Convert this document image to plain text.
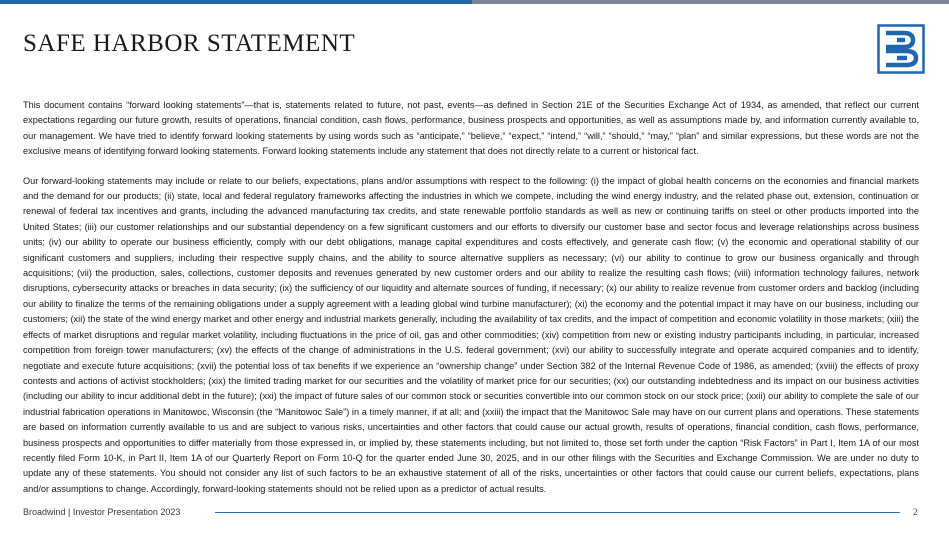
SAFE HARBOR STATEMENT

This document contains “forward looking statements”—that is, statements related to future, not past, events—as defined in Section 21E of the Securities Exchange Act of 1934, as amended, that reflect our current expectations regarding our future growth, results of operations, financial condition, cash flows, performance, business prospects and opportunities, as well as assumptions made by, and information currently available to, our management. We have tried to identify forward looking statements by using words such as “anticipate,” “believe,” “expect,” “intend,” “will,” “should,” “may,” “plan” and similar expressions, but these words are not the exclusive means of identifying forward looking statements. Forward looking statements include any statement that does not directly relate to a current or historical fact.

Our forward-looking statements may include or relate to our beliefs, expectations, plans and/or assumptions with respect to the following: (i) the impact of global health concerns on the economies and financial markets and the demand for our products; (ii) state, local and federal regulatory frameworks affecting the industries in which we compete, including the wind energy industry, and the related phase out, extension, continuation or renewal of federal tax incentives and grants, including the advanced manufacturing tax credits, and state renewable portfolio standards as well as new or continuing tariffs on steel or other products imported into the United States; (iii) our customer relationships and our substantial dependency on a few significant customers and our efforts to diversify our customer base and sector focus and leverage relationships across business units; (iv) our ability to operate our business efficiently, comply with our debt obligations, manage capital expenditures and costs effectively, and generate cash flow; (v) the economic and operational stability of our significant customers and suppliers, including their respective supply chains, and the ability to source alternative suppliers as necessary; (vi) our ability to continue to grow our business organically and through acquisitions; (vii) the production, sales, collections, customer deposits and revenues generated by new customer orders and our ability to realize the resulting cash flows; (viii) information technology failures, network disruptions, cybersecurity attacks or breaches in data security; (ix) the sufficiency of our liquidity and alternate sources of funding, if necessary; (x) our ability to realize revenue from customer orders and backlog (including our ability to finalize the terms of the remaining obligations under a supply agreement with a leading global wind turbine manufacturer); (xi) the economy and the potential impact it may have on our business, including our customers; (xii) the state of the wind energy market and other energy and industrial markets generally, including the availability of tax credits, and the impact of competition and economic volatility in those markets; (xiii) the effects of market disruptions and regular market volatility, including fluctuations in the price of oil, gas and other commodities; (xiv) competition from new or existing industry participants including, in particular, increased competition from foreign tower manufacturers; (xv) the effects of the change of administrations in the U.S. federal government; (xvi) our ability to successfully integrate and operate acquired companies and to identify, negotiate and execute future acquisitions; (xvii) the potential loss of tax benefits if we experience an “ownership change” under Section 382 of the Internal Revenue Code of 1986, as amended; (xviii) the effects of proxy contests and actions of activist stockholders; (xix) the limited trading market for our securities and the volatility of market price for our securities; (xx) our outstanding indebtedness and its impact on our business activities (including our ability to incur additional debt in the future); (xxi) the impact of future sales of our common stock or securities convertible into our common stock on our stock price; (xxii) our ability to complete the sale of our industrial fabrication operations in Manitowoc, Wisconsin (the “Manitowoc Sale”) in a timely manner, if at all; and (xxiii) the impact that the Manitowoc Sale may have on our current plans and operations. These statements are based on information currently available to us and are subject to various risks, uncertainties and other factors that could cause our actual growth, results of operations, financial condition, cash flows, performance, business prospects and opportunities to differ materially from those expressed in, or implied by, these statements including, but not limited to, those set forth under the caption “Risk Factors” in Part I, Item 1A of our most recently filed Form 10-K, in Part II, Item 1A of our Quarterly Report on Form 10-Q for the quarter ended June 30, 2025, and in our other filings with the Securities and Exchange Commission. We are under no duty to update any of these statements. You should not consider any list of such factors to be an exhaustive statement of all of the risks, uncertainties or other factors that could cause our current beliefs, expectations, plans and/or assumptions to change. Accordingly, forward-looking statements should not be relied upon as a predictor of actual results.

Broadwind | Investor Presentation 2023	2
